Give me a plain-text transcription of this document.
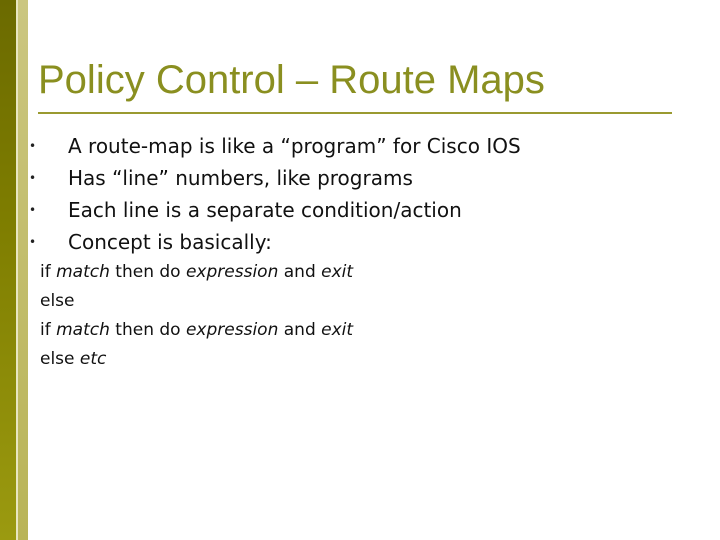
Policy Control – Route Maps
• A route-map is like a “program” for Cisco IOS
• Has “line” numbers, like programs
• Each line is a separate condition/action
• Concept is basically:
if match then do expression and exit
else
if match then do expression and exit
else etc
